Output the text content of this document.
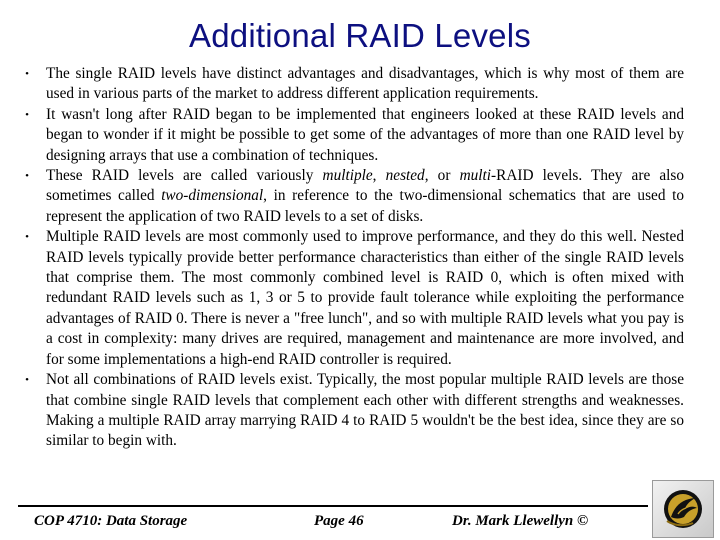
Additional RAID Levels
•	The single RAID levels have distinct advantages and disadvantages, which is why most of them are used in various parts of the market to address different application requirements.
•	It wasn't long after RAID began to be implemented that engineers looked at these RAID levels and began to wonder if it might be possible to get some of the advantages of more than one RAID level by designing arrays that use a combination of techniques.
•	These RAID levels are called variously multiple, nested, or multi-RAID levels. They are also sometimes called two-dimensional, in reference to the two-dimensional schematics that are used to represent the application of two RAID levels to a set of disks.
•	Multiple RAID levels are most commonly used to improve performance, and they do this well. Nested RAID levels typically provide better performance characteristics than either of the single RAID levels that comprise them. The most commonly combined level is RAID 0, which is often mixed with redundant RAID levels such as 1, 3 or 5 to provide fault tolerance while exploiting the performance advantages of RAID 0. There is never a "free lunch", and so with multiple RAID levels what you pay is a cost in complexity: many drives are required, management and maintenance are more involved, and for some implementations a high-end RAID controller is required.
•	Not all combinations of RAID levels exist. Typically, the most popular multiple RAID levels are those that combine single RAID levels that complement each other with different strengths and weaknesses. Making a multiple RAID array marrying RAID 4 to RAID 5 wouldn't be the best idea, since they are so similar to begin with.
COP 4710: Data Storage	Page 46	Dr. Mark Llewellyn ©
